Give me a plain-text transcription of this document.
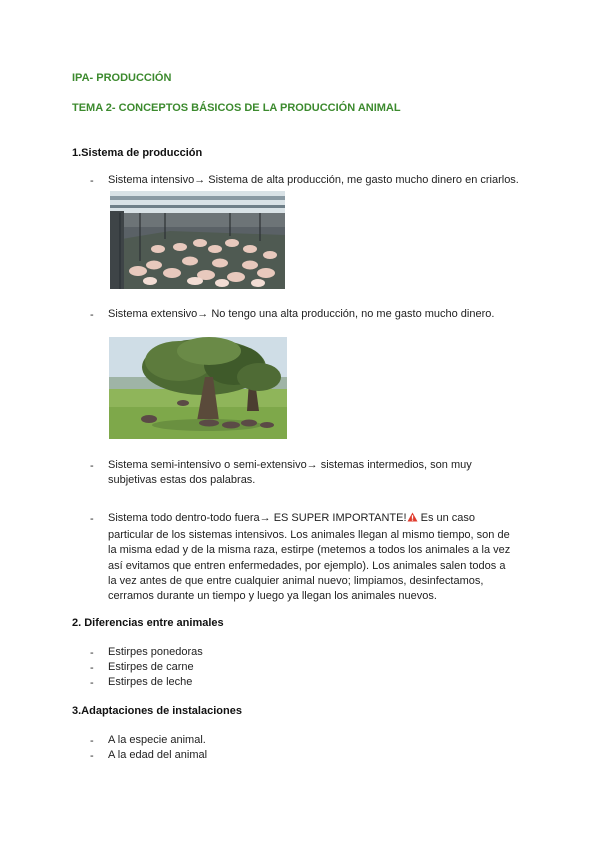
IPA- PRODUCCIÓN
TEMA 2- CONCEPTOS BÁSICOS DE LA PRODUCCIÓN ANIMAL
1.Sistema de producción
- Sistema intensivo→ Sistema de alta producción, me gasto mucho dinero en criarlos.
- Sistema extensivo→ No tengo una alta producción, no me gasto mucho dinero.
- Sistema semi-intensivo o semi-extensivo→ sistemas intermedios, son muy
subjetivas estas dos palabras.
- Sistema todo dentro-todo fuera→ ES SUPER IMPORTANTE! Es un caso
particular de los sistemas intensivos. Los animales llegan al mismo tiempo, son de la misma edad y de la misma raza, estirpe (metemos a todos los animales a la vez así evitamos que entren enfermedades, por ejemplo). Los animales salen todos a la vez antes de que entre cualquier animal nuevo; limpiamos, desinfectamos, cerramos durante un tiempo y luego ya llegan los animales nuevos.
2. Diferencias entre animales
- Estirpes ponedoras
- Estirpes de carne
- Estirpes de leche
3.Adaptaciones de instalaciones
- A la especie animal.
- A la edad del animal
